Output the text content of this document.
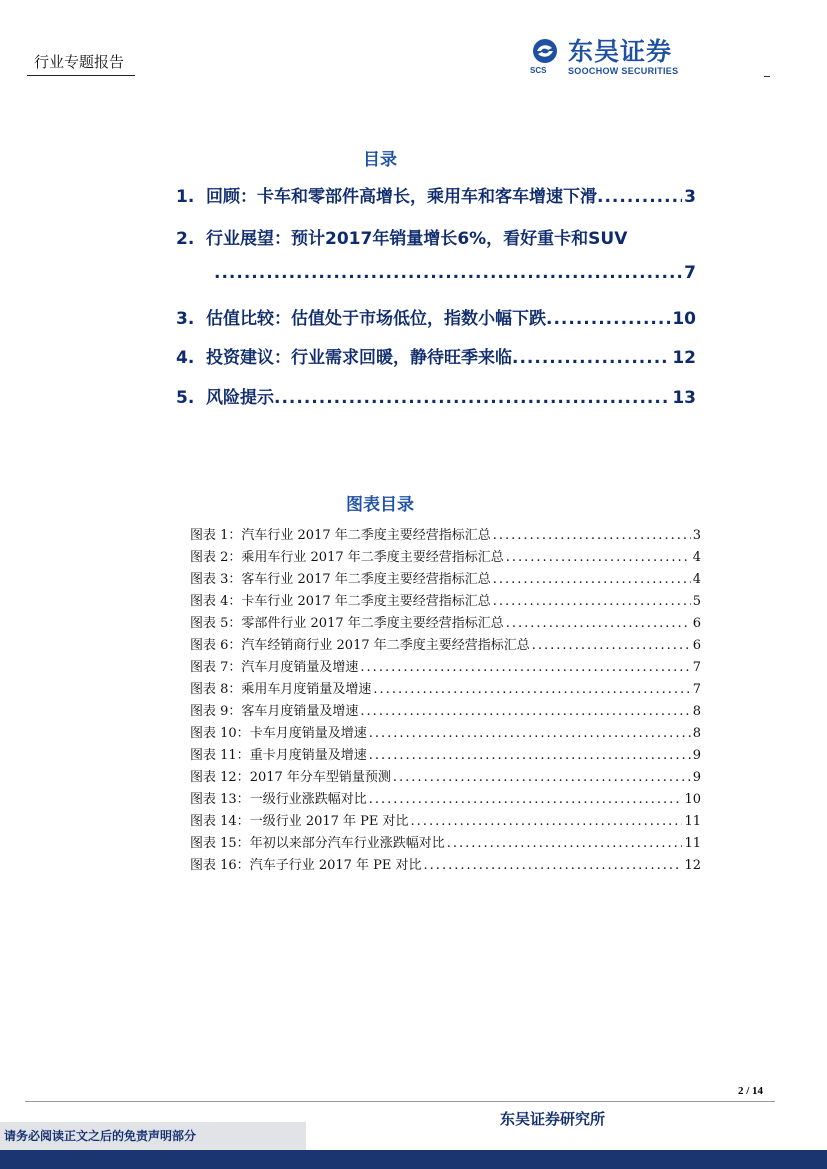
行业专题报告	SCS
东吴证券
SOOCHOW SECURITIES
目录
1. 回顾：卡车和零部件高增长，乘用车和客车增速下滑 .....	3
2. 行业展望：预计2017年销量增长6%，看好重卡和SUV
.....
7
3. 估值比较：估值处于市场低位，指数小幅下跌 .....	10
4. 投资建议：行业需求回暖，静待旺季来临 .....	12
5. 风险提示 .....	13
图表目录
图表 1： 汽车行业 2017 年二季度主要经营指标汇总 .....	3
图表 2： 乘用车行业 2017 年二季度主要经营指标汇总 .....	4
图表 3： 客车行业 2017 年二季度主要经营指标汇总 .....	4
图表 4： 卡车行业 2017 年二季度主要经营指标汇总 .....	5
图表 5： 零部件行业 2017 年二季度主要经营指标汇总 .....	6
图表 6： 汽车经销商行业 2017 年二季度主要经营指标汇总 .....	6
图表 7： 汽车月度销量及增速 .....	7
图表 8： 乘用车月度销量及增速 .....	7
图表 9： 客车月度销量及增速 .....	8
图表 10： 卡车月度销量及增速 .....	8
图表 11： 重卡月度销量及增速 .....	9
图表 12： 2017 年分车型销量预测 .....	9
图表 13： 一级行业涨跌幅对比 .....	10
图表 14： 一级行业 2017 年 PE 对比 .....	11
图表 15： 年初以来部分汽车行业涨跌幅对比 .....	11
图表 16： 汽车子行业 2017 年 PE 对比 .....	12
2 / 14
东吴证券研究所
请务必阅读正文之后的免责声明部分
